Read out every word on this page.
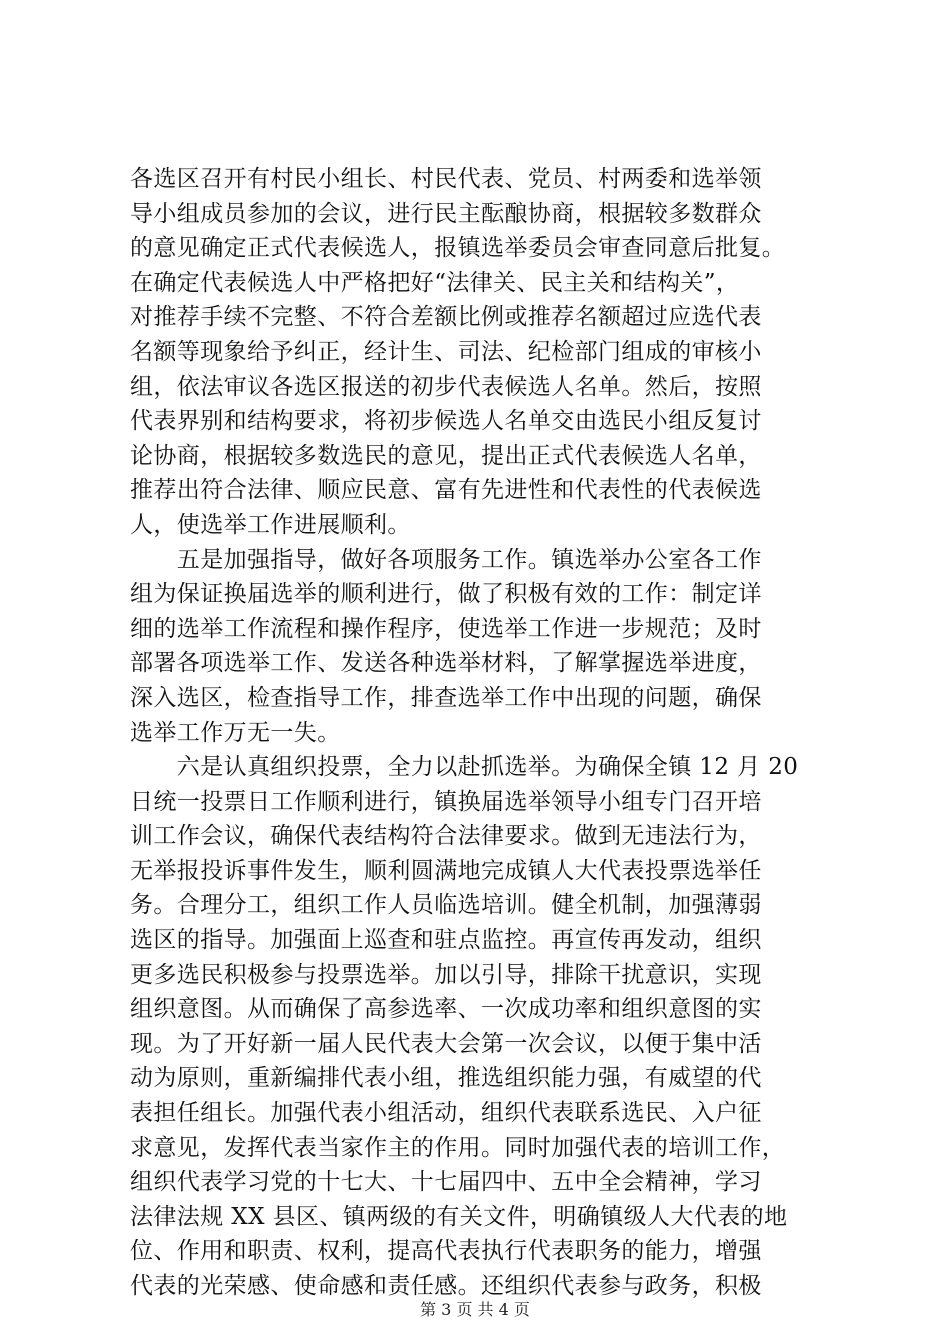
各选区召开有村民小组长、村民代表、党员、村两委和选举领
导小组成员参加的会议，进行民主酝酿协商，根据较多数群众
的意见确定正式代表候选人，报镇选举委员会审查同意后批复。
在确定代表候选人中严格把好“法律关、民主关和结构关”，
对推荐手续不完整、不符合差额比例或推荐名额超过应选代表
名额等现象给予纠正，经计生、司法、纪检部门组成的审核小
组，依法审议各选区报送的初步代表候选人名单。然后，按照
代表界别和结构要求，将初步候选人名单交由选民小组反复讨
论协商，根据较多数选民的意见，提出正式代表候选人名单，
推荐出符合法律、顺应民意、富有先进性和代表性的代表候选
人，使选举工作进展顺利。
　　五是加强指导，做好各项服务工作。镇选举办公室各工作
组为保证换届选举的顺利进行，做了积极有效的工作：制定详
细的选举工作流程和操作程序，使选举工作进一步规范；及时
部署各项选举工作、发送各种选举材料，了解掌握选举进度，
深入选区，检查指导工作，排查选举工作中出现的问题，确保
选举工作万无一失。
　　六是认真组织投票，全力以赴抓选举。为确保全镇 12 月 20
日统一投票日工作顺利进行，镇换届选举领导小组专门召开培
训工作会议，确保代表结构符合法律要求。做到无违法行为，
无举报投诉事件发生，顺利圆满地完成镇人大代表投票选举任
务。合理分工，组织工作人员临选培训。健全机制，加强薄弱
选区的指导。加强面上巡查和驻点监控。再宣传再发动，组织
更多选民积极参与投票选举。加以引导，排除干扰意识，实现
组织意图。从而确保了高参选率、一次成功率和组织意图的实
现。为了开好新一届人民代表大会第一次会议，以便于集中活
动为原则，重新编排代表小组，推选组织能力强，有威望的代
表担任组长。加强代表小组活动，组织代表联系选民、入户征
求意见，发挥代表当家作主的作用。同时加强代表的培训工作，
组织代表学习党的十七大、十七届四中、五中全会精神，学习
法律法规 XX 县区、镇两级的有关文件，明确镇级人大代表的地
位、作用和职责、权利，提高代表执行代表职务的能力，增强
代表的光荣感、使命感和责任感。还组织代表参与政务，积极
第 3 页 共 4 页
